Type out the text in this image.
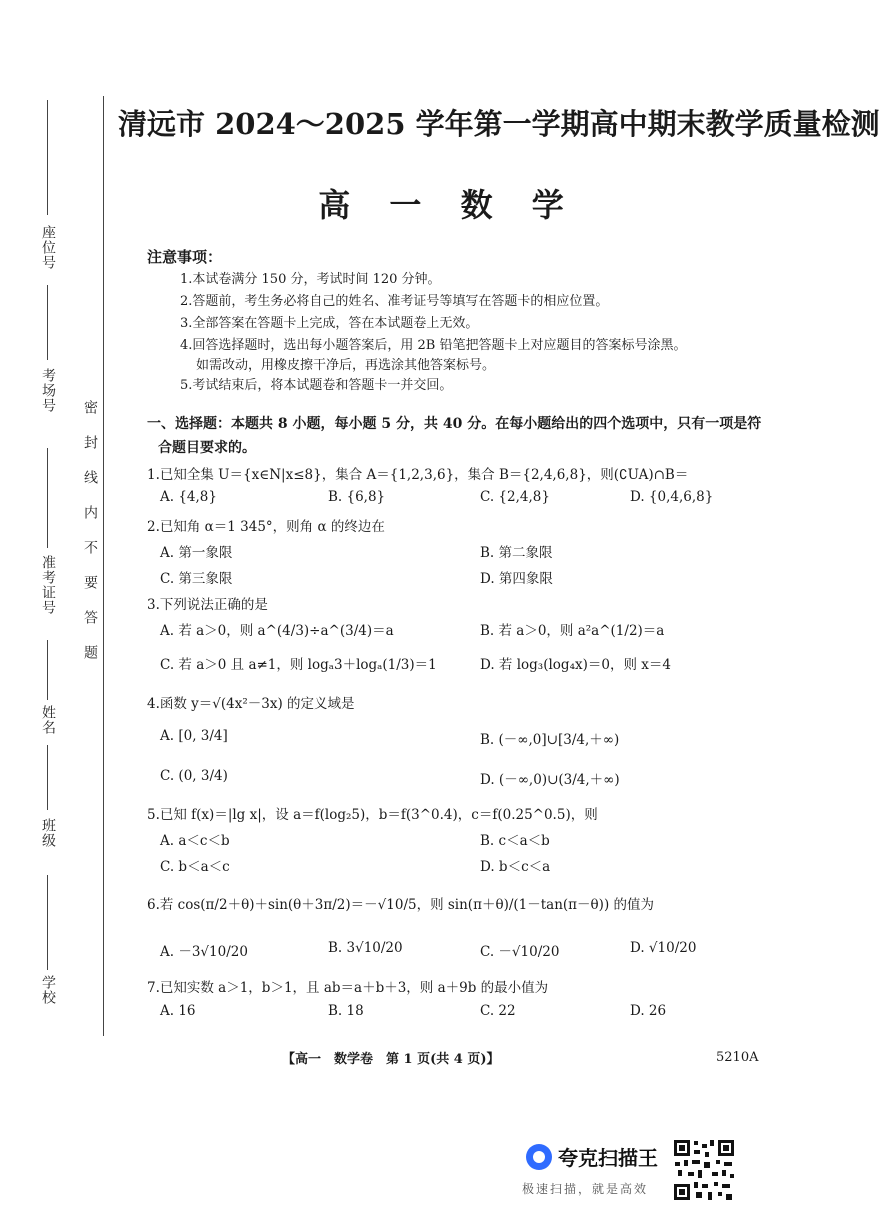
座位号
考场号
准考证号
姓名
班级
学校
密封线内不要答题
清远市 2024～2025 学年第一学期高中期末教学质量检测
高 一 数 学
注意事项：
1.本试卷满分 150 分，考试时间 120 分钟。
2.答题前，考生务必将自己的姓名、准考证号等填写在答题卡的相应位置。
3.全部答案在答题卡上完成，答在本试题卷上无效。
4.回答选择题时，选出每小题答案后，用 2B 铅笔把答题卡上对应题目的答案标号涂黑。
如需改动，用橡皮擦干净后，再选涂其他答案标号。
5.考试结束后，将本试题卷和答题卡一并交回。
一、选择题：本题共 8 小题，每小题 5 分，共 40 分。在每小题给出的四个选项中，只有一项是符
合题目要求的。
1.已知全集 U＝{x∈N|x≤8}，集合 A＝{1,2,3,6}，集合 B＝{2,4,6,8}，则(∁UA)∩B＝
A. {4,8}	B. {6,8}	C. {2,4,8}	D. {0,4,6,8}
2.已知角 α＝1 345°，则角 α 的终边在
A. 第一象限	B. 第二象限
C. 第三象限	D. 第四象限
3.下列说法正确的是
A. 若 a＞0，则 a^(4/3)÷a^(3/4)＝a	B. 若 a＞0，则 a²a^(1/2)＝a
C. 若 a＞0 且 a≠1，则 logₐ3＋logₐ(1/3)＝1	D. 若 log₃(log₄x)＝0，则 x＝4
4.函数 y＝√(4x²－3x) 的定义域是
A. [0, 3/4]	B. (－∞,0]∪[3/4,＋∞)
C. (0, 3/4)	D. (－∞,0)∪(3/4,＋∞)
5.已知 f(x)＝|lg x|，设 a＝f(log₂5)，b＝f(3^0.4)，c＝f(0.25^0.5)，则
A. a＜c＜b	B. c＜a＜b
C. b＜a＜c	D. b＜c＜a
6.若 cos(π/2＋θ)＋sin(θ＋3π/2)＝－√10/5，则 sin(π＋θ)/(1－tan(π－θ)) 的值为
A. －3√10/20	B. 3√10/20	C. －√10/20	D. √10/20
7.已知实数 a＞1，b＞1，且 ab＝a＋b＋3，则 a＋9b 的最小值为
A. 16	B. 18	C. 22	D. 26
【高一　数学卷　第 1 页(共 4 页)】	5210A
夸克扫描王
极速扫描，就是高效
